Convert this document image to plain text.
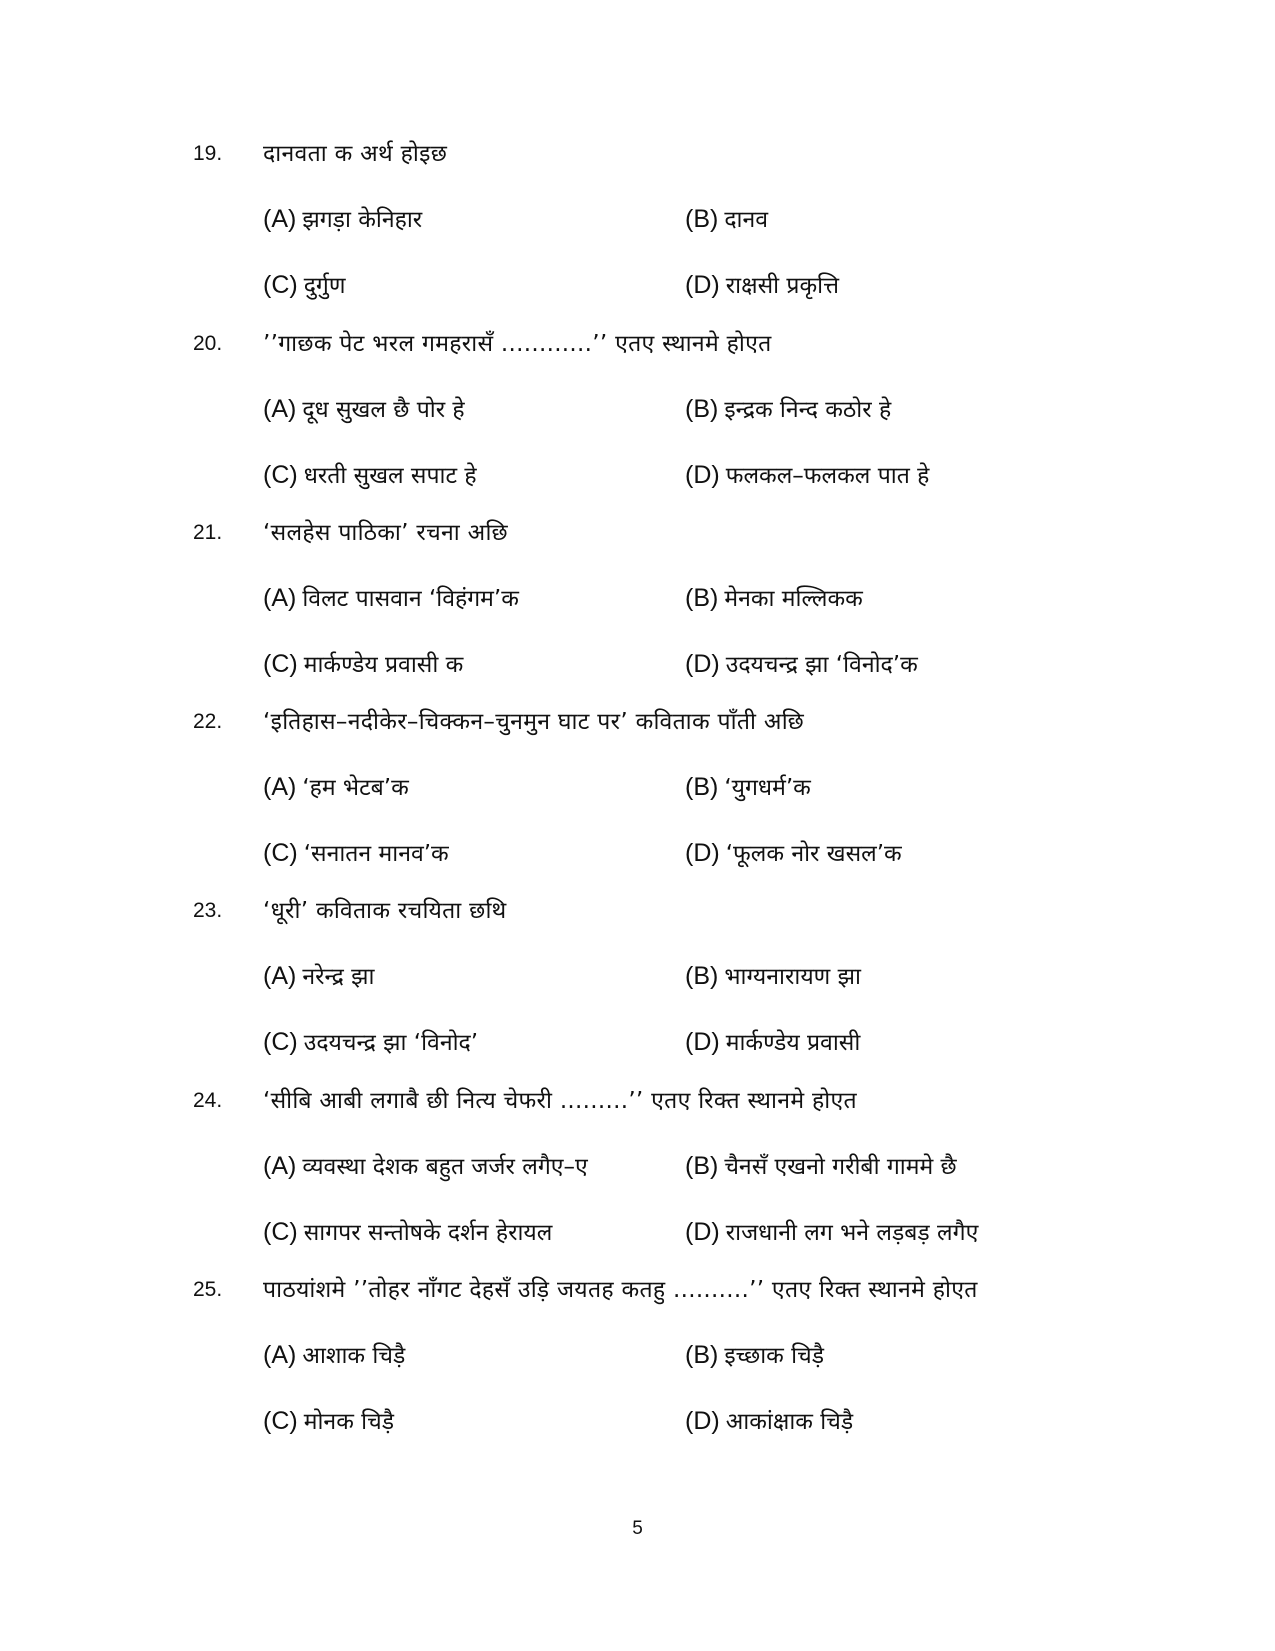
19. दानवता क अर्थ होइछ
(A) झगड़ा केनिहार	(B) दानव
(C) दुर्गुण	(D) राक्षसी प्रकृत्ति
20. ’’गाछक पेट भरल गमहरासँ ............’’ एतए स्थानमे होएत
(A) दूध सुखल छै पोर हे	(B) इन्द्रक निन्द कठोर हे
(C) धरती सुखल सपाट हे	(D) फलकल–फलकल पात हे
21. ‘सलहेस पाठिका’ रचना अछि
(A) विलट पासवान ‘विहंगम’क	(B) मेनका मल्लिकक
(C) मार्कण्डेय प्रवासी क	(D) उदयचन्द्र झा ‘विनोद’क
22. ‘इतिहास–नदीकेर–चिक्कन–चुनमुन घाट पर’ कविताक पाँती अछि
(A) ‘हम भेटब’क	(B) ‘युगधर्म’क
(C) ‘सनातन मानव’क	(D) ‘फूलक नोर खसल’क
23. ‘धूरी’ कविताक रचयिता छथि
(A) नरेन्द्र झा	(B) भाग्यनारायण झा
(C) उदयचन्द्र झा ‘विनोद’	(D) मार्कण्डेय प्रवासी
24. ‘सीबि आबी लगाबै छी नित्य चेफरी .........’’ एतए रिक्त स्थानमे होएत
(A) व्यवस्था देशक बहुत जर्जर लगैए–ए	(B) चैनसँ एखनो गरीबी गाममे छै
(C) सागपर सन्तोषके दर्शन हेरायल	(D) राजधानी लग भने लड़बड़ लगैए
25. पाठयांशमे ’’तोहर नाँगट देहसँ उड़ि जयतह कतहु ..........’’ एतए रिक्त स्थानमे होएत
(A) आशाक चिड़ै	(B) इच्छाक चिड़ै
(C) मोनक चिड़ै	(D) आकांक्षाक चिड़ै
5
